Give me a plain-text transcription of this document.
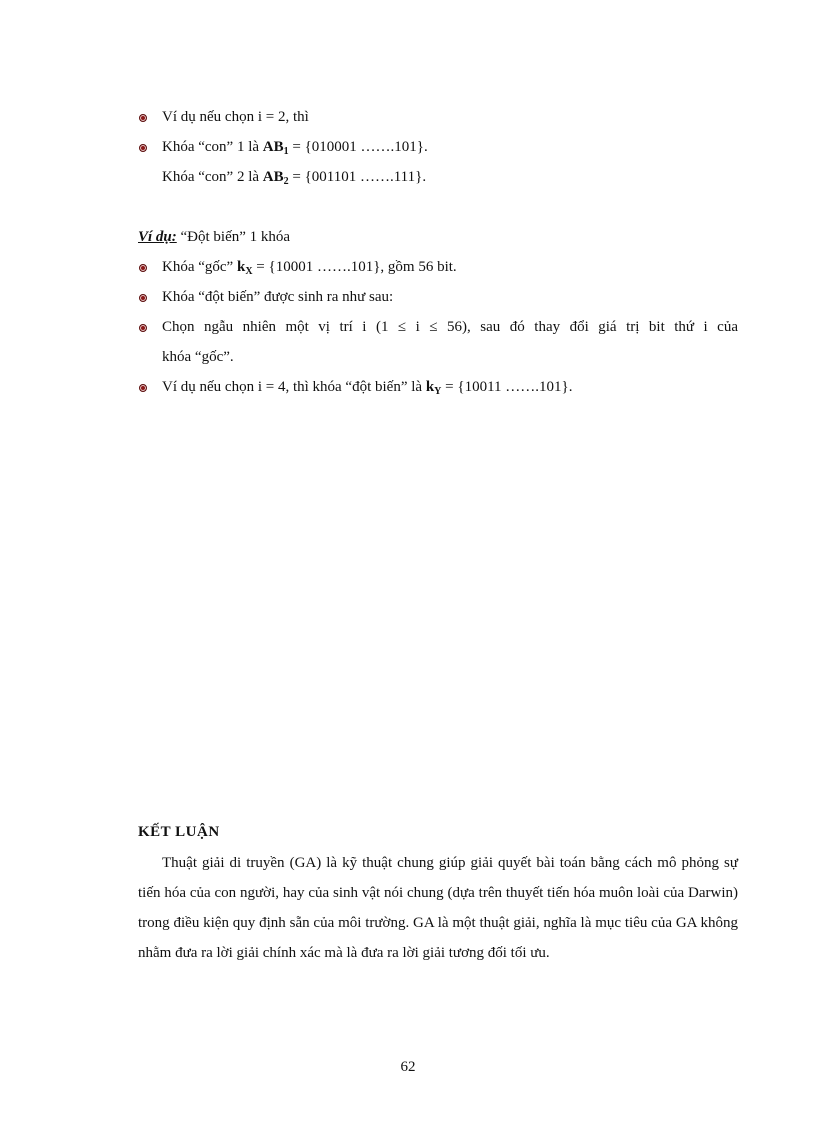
Ví dụ nếu chọn i = 2, thì
Khóa “con” 1 là $AB_1 = \{010001$ …….101}.
Khóa “con” 2 là $AB_2 = \{001101$ …….111}.
Ví dụ: “Đột biến” 1 khóa
Khóa “gốc” $k_X = \{10001$ …….101}, gồm 56 bit.
Khóa “đột biến” được sinh ra như sau:
Chọn ngẫu nhiên một vị trí i (1 ≤ i ≤ 56), sau đó thay đổi giá trị bit thứ i của
khóa “gốc”.
Ví dụ nếu chọn i = 4, thì khóa “đột biến” là $k_Y = \{10011$ …….101}.
KẾT LUẬN
Thuật giải di truyền (GA) là kỹ thuật chung giúp giải quyết bài toán bằng cách mô phỏng sự tiến hóa của con người, hay của sinh vật nói chung (dựa trên thuyết tiến hóa muôn loài của Darwin) trong điều kiện quy định sẵn của môi trường. GA là một thuật giải, nghĩa là mục tiêu của GA không nhằm đưa ra lời giải chính xác mà là đưa ra lời giải tương đối tối ưu.
62
